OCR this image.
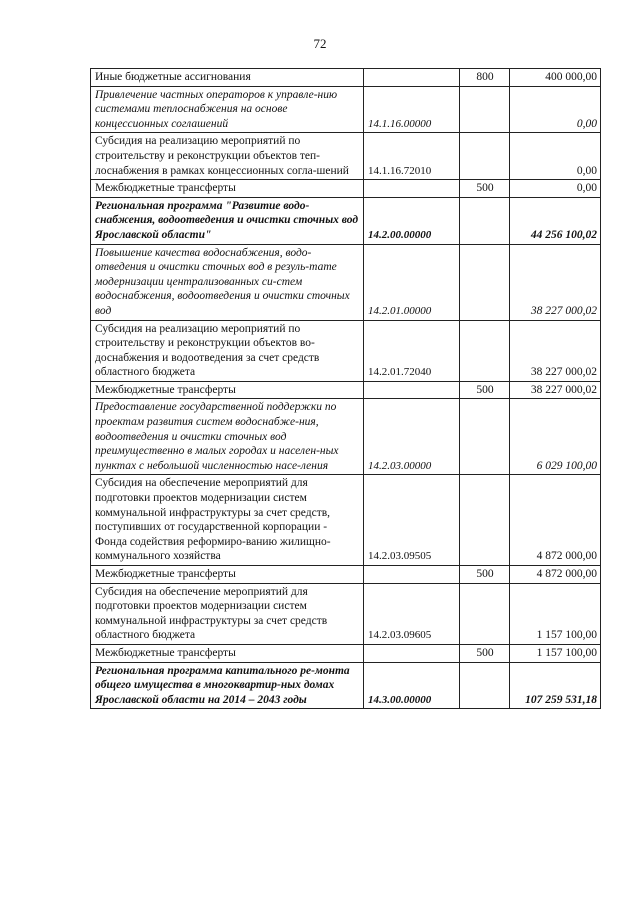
72
Иные бюджетные ассигнования		800	400 000,00
Привлечение частных операторов к управле-нию системами теплоснабжения на основе концессионных соглашений	14.1.16.00000		0,00
Субсидия на реализацию мероприятий по строительству и реконструкции объектов теп-лоснабжения в рамках концессионных согла-шений	14.1.16.72010		0,00
Межбюджетные трансферты		500	0,00
Региональная программа "Развитие водо-снабжения, водоотведения и очистки сточных вод Ярославской области"	14.2.00.00000		44 256 100,02
Повышение качества водоснабжения, водо-отведения и очистки сточных вод в резуль-тате модернизации централизованных си-стем водоснабжения, водоотведения и очистки сточных вод	14.2.01.00000		38 227 000,02
Субсидия на реализацию мероприятий по строительству и реконструкции объектов во-доснабжения и водоотведения за счет средств областного бюджета	14.2.01.72040		38 227 000,02
Межбюджетные трансферты		500	38 227 000,02
Предоставление государственной поддержки по проектам развития систем водоснабже-ния, водоотведения и очистки сточных вод преимущественно в малых городах и населен-ных пунктах с небольшой численностью насе-ления	14.2.03.00000		6 029 100,00
Субсидия на обеспечение мероприятий для подготовки проектов модернизации систем коммунальной инфраструктуры за счет средств, поступивших от государственной корпорации - Фонда содействия реформиро-ванию жилищно-коммунального хозяйства	14.2.03.09505		4 872 000,00
Межбюджетные трансферты		500	4 872 000,00
Субсидия на обеспечение мероприятий для подготовки проектов модернизации систем коммунальной инфраструктуры за счет средств областного бюджета	14.2.03.09605		1 157 100,00
Межбюджетные трансферты		500	1 157 100,00
Региональная программа капитального ре-монта общего имущества в многоквартир-ных домах Ярославской области на 2014 – 2043 годы	14.3.00.00000		107 259 531,18
